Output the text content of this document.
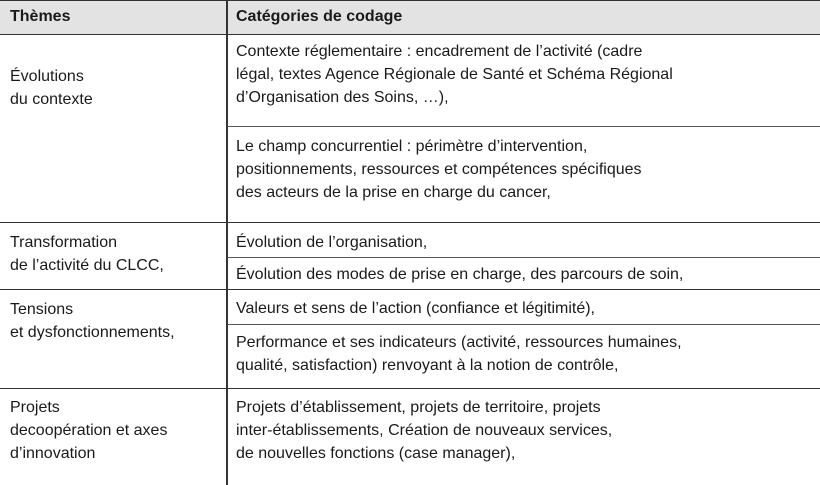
Thèmes	Catégories de codage
Évolutions
du contexte
Contexte réglementaire : encadrement de l’activité (cadre
légal, textes Agence Régionale de Santé et Schéma Régional
d’Organisation des Soins, …),
Le champ concurrentiel : périmètre d’intervention,
positionnements, ressources et compétences spécifiques
des acteurs de la prise en charge du cancer,
Transformation
de l’activité du CLCC,
Évolution de l’organisation,
Évolution des modes de prise en charge, des parcours de soin,
Tensions
et dysfonctionnements,
Valeurs et sens de l’action (confiance et légitimité),
Performance et ses indicateurs (activité, ressources humaines,
qualité, satisfaction) renvoyant à la notion de contrôle,
Projets
decoopération et axes
d’innovation
Projets d’établissement, projets de territoire, projets
inter-établissements, Création de nouveaux services,
de nouvelles fonctions (case manager),
